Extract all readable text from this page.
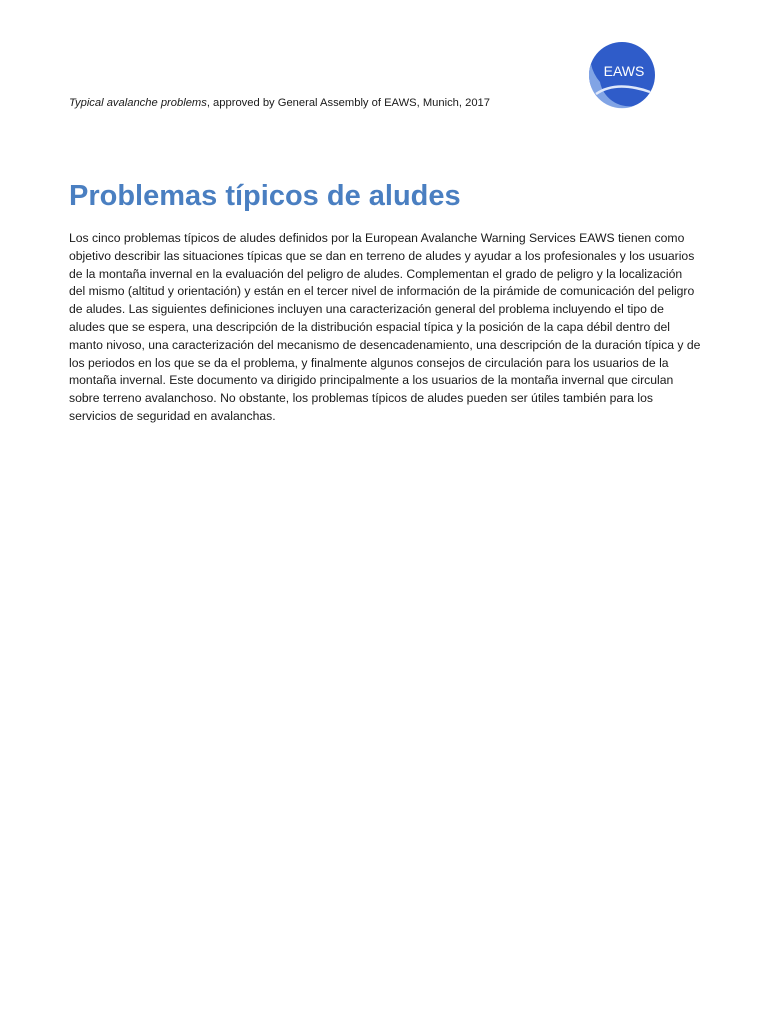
Typical avalanche problems, approved by General Assembly of EAWS, Munich, 2017
EAWS
Problemas típicos de aludes

Los cinco problemas típicos de aludes definidos por la European Avalanche Warning Services EAWS tienen como objetivo describir las situaciones típicas que se dan en terreno de aludes y ayudar a los profesionales y los usuarios de la montaña invernal en la evaluación del peligro de aludes. Complementan el grado de peligro y la localización del mismo (altitud y orientación) y están en el tercer nivel de información de la pirámide de comunicación del peligro de aludes. Las siguientes definiciones incluyen una caracterización general del problema incluyendo el tipo de aludes que se espera, una descripción de la distribución espacial típica y la posición de la capa débil dentro del manto nivoso, una caracterización del mecanismo de desencadenamiento, una descripción de la duración típica y de los periodos en los que se da el problema, y finalmente algunos consejos de circulación para los usuarios de la montaña invernal. Este documento va dirigido principalmente a los usuarios de la montaña invernal que circulan sobre terreno avalanchoso. No obstante, los problemas típicos de aludes pueden ser útiles también para los servicios de seguridad en avalanchas.
